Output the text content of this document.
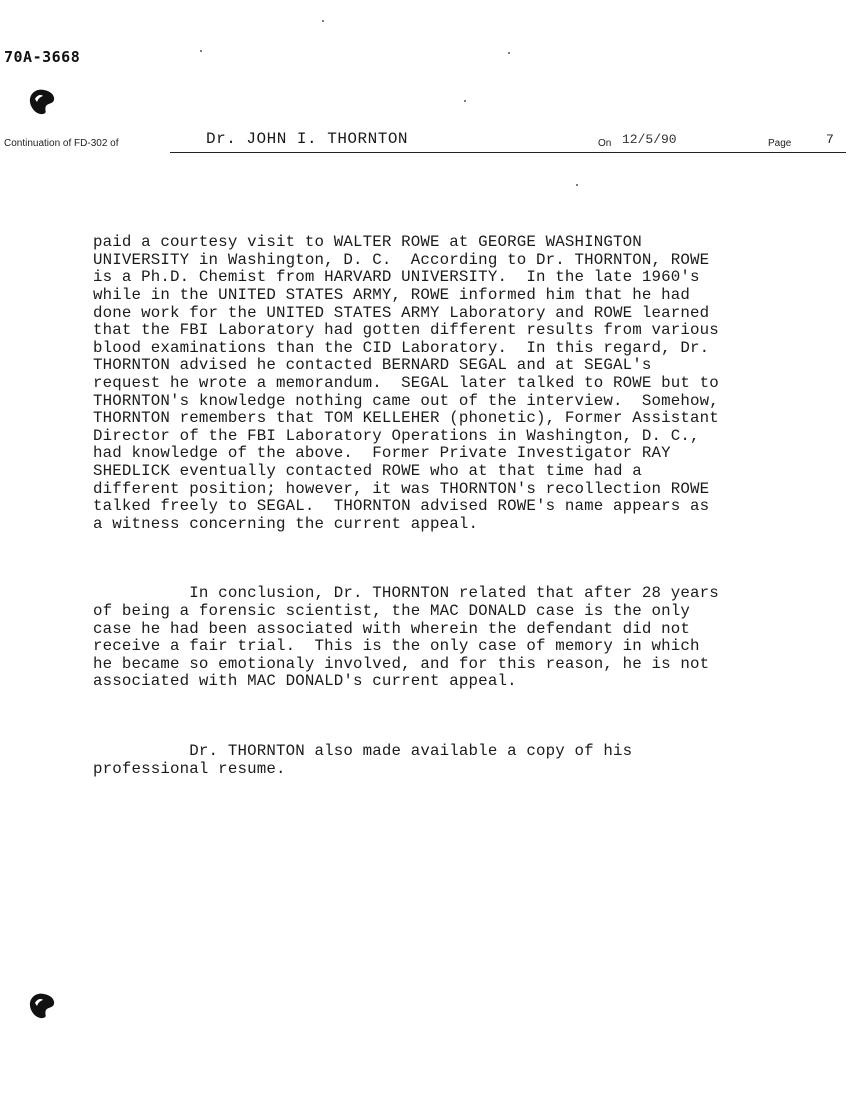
70A-3668
Continuation of FD-302 of	Dr. JOHN I. THORNTON	On 12/5/90	Page	7

paid a courtesy visit to WALTER ROWE at GEORGE WASHINGTON
UNIVERSITY in Washington, D. C.  According to Dr. THORNTON, ROWE
is a Ph.D. Chemist from HARVARD UNIVERSITY.  In the late 1960's
while in the UNITED STATES ARMY, ROWE informed him that he had
done work for the UNITED STATES ARMY Laboratory and ROWE learned
that the FBI Laboratory had gotten different results from various
blood examinations than the CID Laboratory.  In this regard, Dr.
THORNTON advised he contacted BERNARD SEGAL and at SEGAL's
request he wrote a memorandum.  SEGAL later talked to ROWE but to
THORNTON's knowledge nothing came out of the interview.  Somehow,
THORNTON remembers that TOM KELLEHER (phonetic), Former Assistant
Director of the FBI Laboratory Operations in Washington, D. C.,
had knowledge of the above.  Former Private Investigator RAY
SHEDLICK eventually contacted ROWE who at that time had a
different position; however, it was THORNTON's recollection ROWE
talked freely to SEGAL.  THORNTON advised ROWE's name appears as
a witness concerning the current appeal.

In conclusion, Dr. THORNTON related that after 28 years
of being a forensic scientist, the MAC DONALD case is the only
case he had been associated with wherein the defendant did not
receive a fair trial.  This is the only case of memory in which
he became so emotionaly involved, and for this reason, he is not
associated with MAC DONALD's current appeal.

Dr. THORNTON also made available a copy of his
professional resume.
